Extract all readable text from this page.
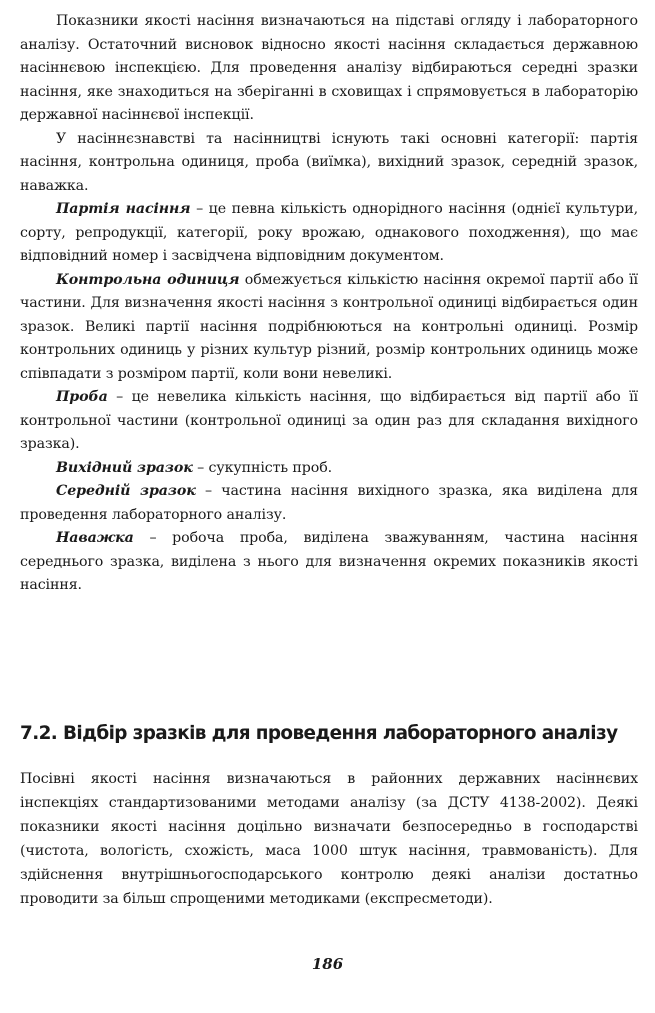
Показники якості насіння визначаються на підставі огляду і лабораторного аналізу. Остаточний висновок відносно якості насіння складається державною насіннєвою інспекцією. Для проведення аналізу відбираються середні зразки насіння, яке знаходиться на зберіганні в сховищах і спрямовується в лабораторію державної насіннєвої інспекції.

У насіннєзнавстві та насінництві існують такі основні категорії: партія насіння, контрольна одиниця, проба (виїмка), вихідний зразок, середній зразок, наважка.

Партія насіння – це певна кількість однорідного насіння (однієї культури, сорту, репродукції, категорії, року врожаю, однакового походження), що має відповідний номер і засвідчена відповідним документом.

Контрольна одиниця обмежується кількістю насіння окремої партії або її частини. Для визначення якості насіння з контрольної одиниці відбирається один зразок. Великі партії насіння подрібнюються на контрольні одиниці. Розмір контрольних одиниць у різних культур різний, розмір контрольних одиниць може співпадати з розміром партії, коли вони невеликі.

Проба – це невелика кількість насіння, що відбирається від партії або її контрольної частини (контрольної одиниці за один раз для складання вихідного зразка).

Вихідний зразок – сукупність проб.

Середній зразок – частина насіння вихідного зразка, яка виділена для проведення лабораторного аналізу.

Наважка – робоча проба, виділена зважуванням, частина насіння середнього зразка, виділена з нього для визначення окремих показників якості насіння.

7.2. Відбір зразків для проведення лабораторного аналізу

Посівні якості насіння визначаються в районних державних насіннєвих інспекціях стандартизованими методами аналізу (за ДСТУ 4138-2002). Деякі показники якості насіння доцільно визначати безпосередньо в господарстві (чистота, вологість, схожість, маса 1000 штук насіння, травмованість). Для здійснення внутрішньогосподарського контролю деякі аналізи достатньо проводити за більш спрощеними методиками (експресметоди).

186
